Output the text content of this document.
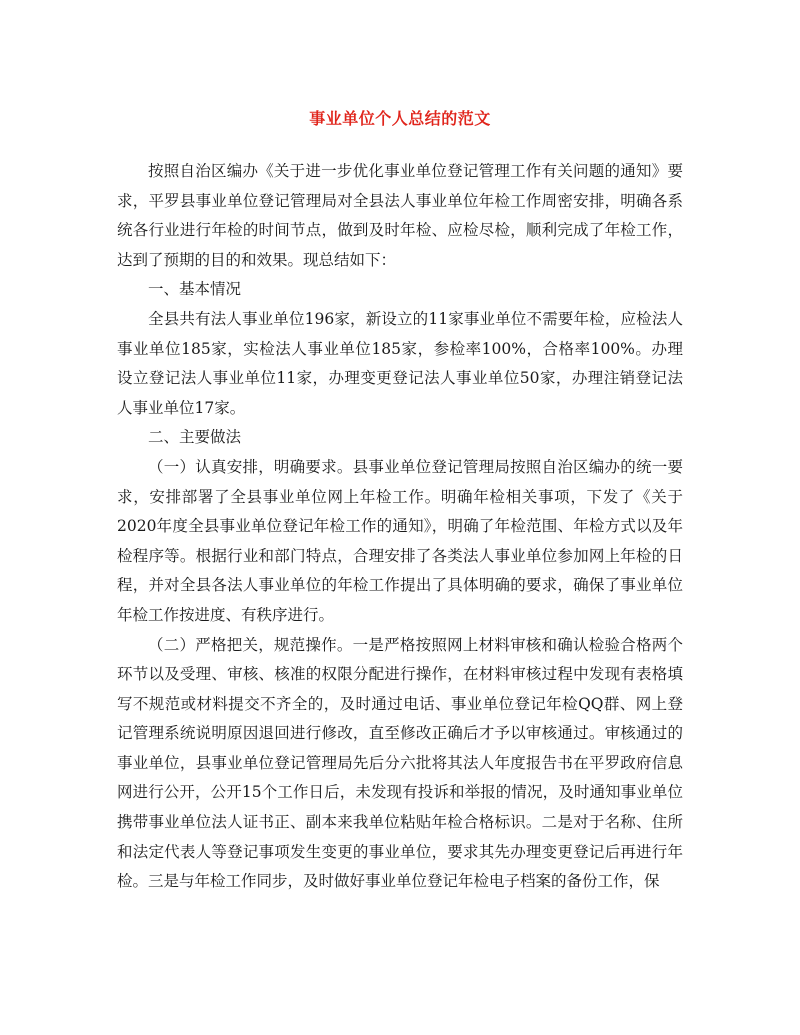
事业单位个人总结的范文

按照自治区编办《关于进一步优化事业单位登记管理工作有关问题的通知》要求，平罗县事业单位登记管理局对全县法人事业单位年检工作周密安排，明确各系统各行业进行年检的时间节点，做到及时年检、应检尽检，顺利完成了年检工作，达到了预期的目的和效果。现总结如下：

一、基本情况

全县共有法人事业单位196家，新设立的11家事业单位不需要年检，应检法人事业单位185家，实检法人事业单位185家，参检率100%，合格率100%。办理设立登记法人事业单位11家，办理变更登记法人事业单位50家，办理注销登记法人事业单位17家。

二、主要做法

（一）认真安排，明确要求。县事业单位登记管理局按照自治区编办的统一要求，安排部署了全县事业单位网上年检工作。明确年检相关事项，下发了《关于2020年度全县事业单位登记年检工作的通知》，明确了年检范围、年检方式以及年检程序等。根据行业和部门特点，合理安排了各类法人事业单位参加网上年检的日程，并对全县各法人事业单位的年检工作提出了具体明确的要求，确保了事业单位年检工作按进度、有秩序进行。

（二）严格把关，规范操作。一是严格按照网上材料审核和确认检验合格两个环节以及受理、审核、核准的权限分配进行操作，在材料审核过程中发现有表格填写不规范或材料提交不齐全的，及时通过电话、事业单位登记年检QQ群、网上登记管理系统说明原因退回进行修改，直至修改正确后才予以审核通过。审核通过的事业单位，县事业单位登记管理局先后分六批将其法人年度报告书在平罗政府信息网进行公开，公开15个工作日后，未发现有投诉和举报的情况，及时通知事业单位携带事业单位法人证书正、副本来我单位粘贴年检合格标识。二是对于名称、住所和法定代表人等登记事项发生变更的事业单位，要求其先办理变更登记后再进行年检。三是与年检工作同步，及时做好事业单位登记年检电子档案的备份工作，保
